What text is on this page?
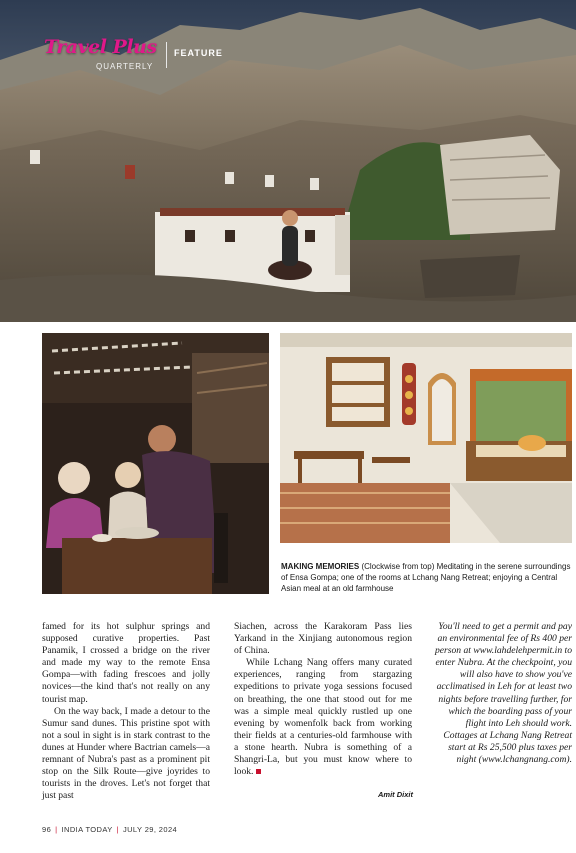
Travel Plus
QUARTERLY
FEATURE
MAKING MEMORIES (Clockwise from top) Meditating in the serene surroundings of Ensa Gompa; one of the rooms at Lchang Nang Retreat; enjoying a Central Asian meal at an old farmhouse

famed for its hot sulphur springs and supposed curative properties. Past Panamik, I crossed a bridge on the river and made my way to the remote Ensa Gompa—with fading frescoes and jolly novices—the kind that's not really on any tourist map.

On the way back, I made a detour to the Sumur sand dunes. This pristine spot with not a soul in sight is in stark contrast to the dunes at Hunder where Bactrian camels—a remnant of Nubra's past as a prominent pit stop on the Silk Route—give joyrides to tourists in the droves. Let's not forget that just past

Siachen, across the Karakoram Pass lies Yarkand in the Xinjiang autonomous region of China.

While Lchang Nang offers many curated experiences, ranging from stargazing expeditions to private yoga sessions focused on breathing, the one that stood out for me was a simple meal quickly rustled up one evening by womenfolk back from working their fields at a centuries-old farmhouse with a stone hearth. Nubra is something of a Shangri-La, but you must know where to look.

Amit Dixit

You'll need to get a permit and pay an environmental fee of Rs 400 per person at www.lahdelehpermit.in to enter Nubra. At the checkpoint, you will also have to show you've acclimatised in Leh for at least two nights before travelling further, for which the boarding pass of your flight into Leh should work. Cottages at Lchang Nang Retreat start at Rs 25,500 plus taxes per night (www.lchangnang.com).

96 | INDIA TODAY | JULY 29, 2024
